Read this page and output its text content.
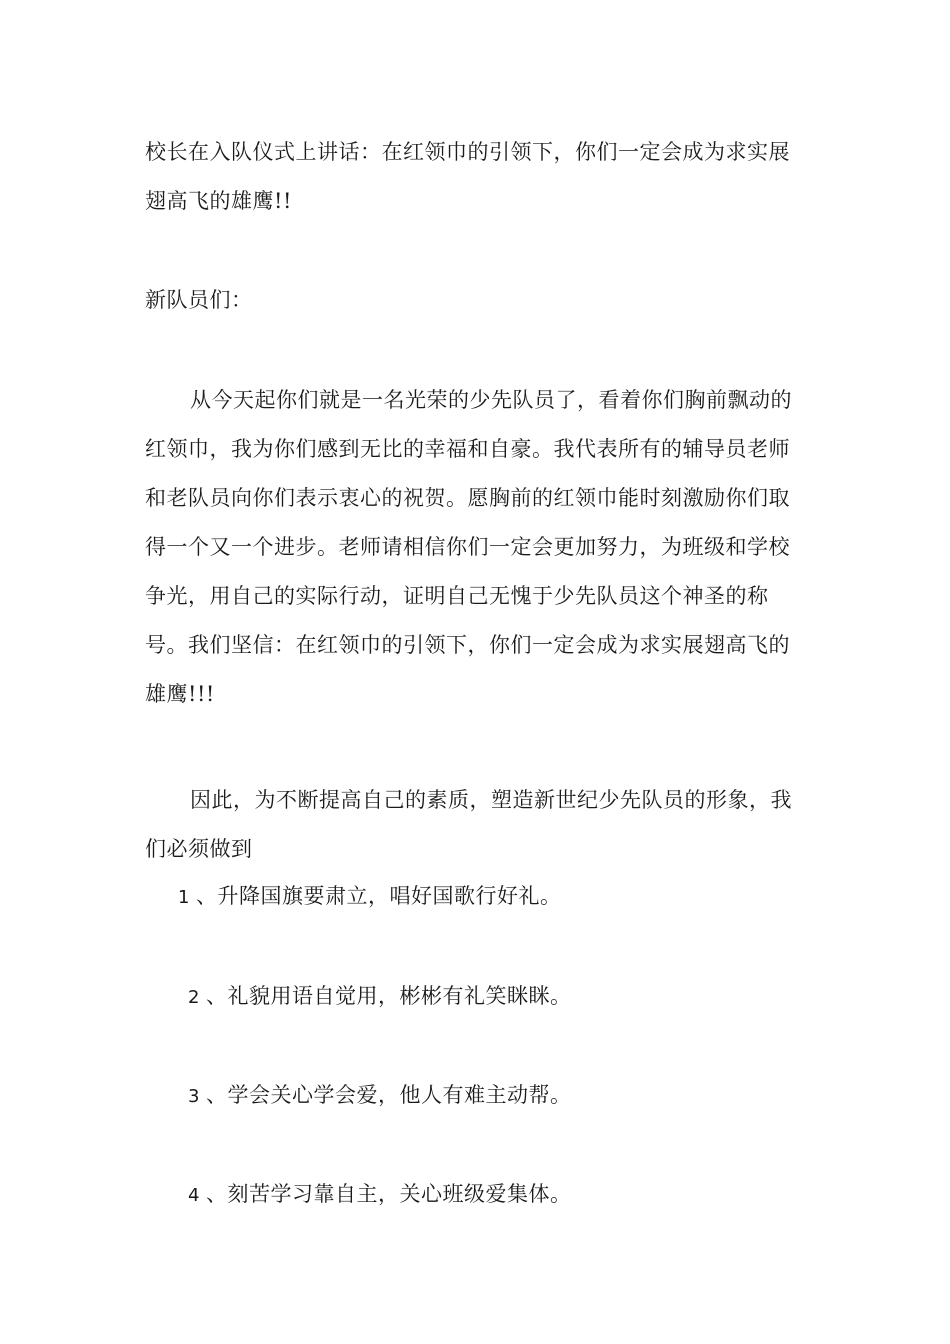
校长在入队仪式上讲话：在红领巾的引领下，你们一定会成为求实展翅高飞的雄鹰!!

新队员们：

从今天起你们就是一名光荣的少先队员了，看着你们胸前飘动的红领巾，我为你们感到无比的幸福和自豪。我代表所有的辅导员老师和老队员向你们表示衷心的祝贺。愿胸前的红领巾能时刻激励你们取得一个又一个进步。老师请相信你们一定会更加努力，为班级和学校争光，用自己的实际行动，证明自己无愧于少先队员这个神圣的称号。我们坚信：在红领巾的引领下，你们一定会成为求实展翅高飞的雄鹰!!!

因此，为不断提高自己的素质，塑造新世纪少先队员的形象，我们必须做到

1 、升降国旗要肃立，唱好国歌行好礼。

2 、礼貌用语自觉用，彬彬有礼笑眯眯。

3 、学会关心学会爱，他人有难主动帮。

4 、刻苦学习靠自主，关心班级爱集体。
